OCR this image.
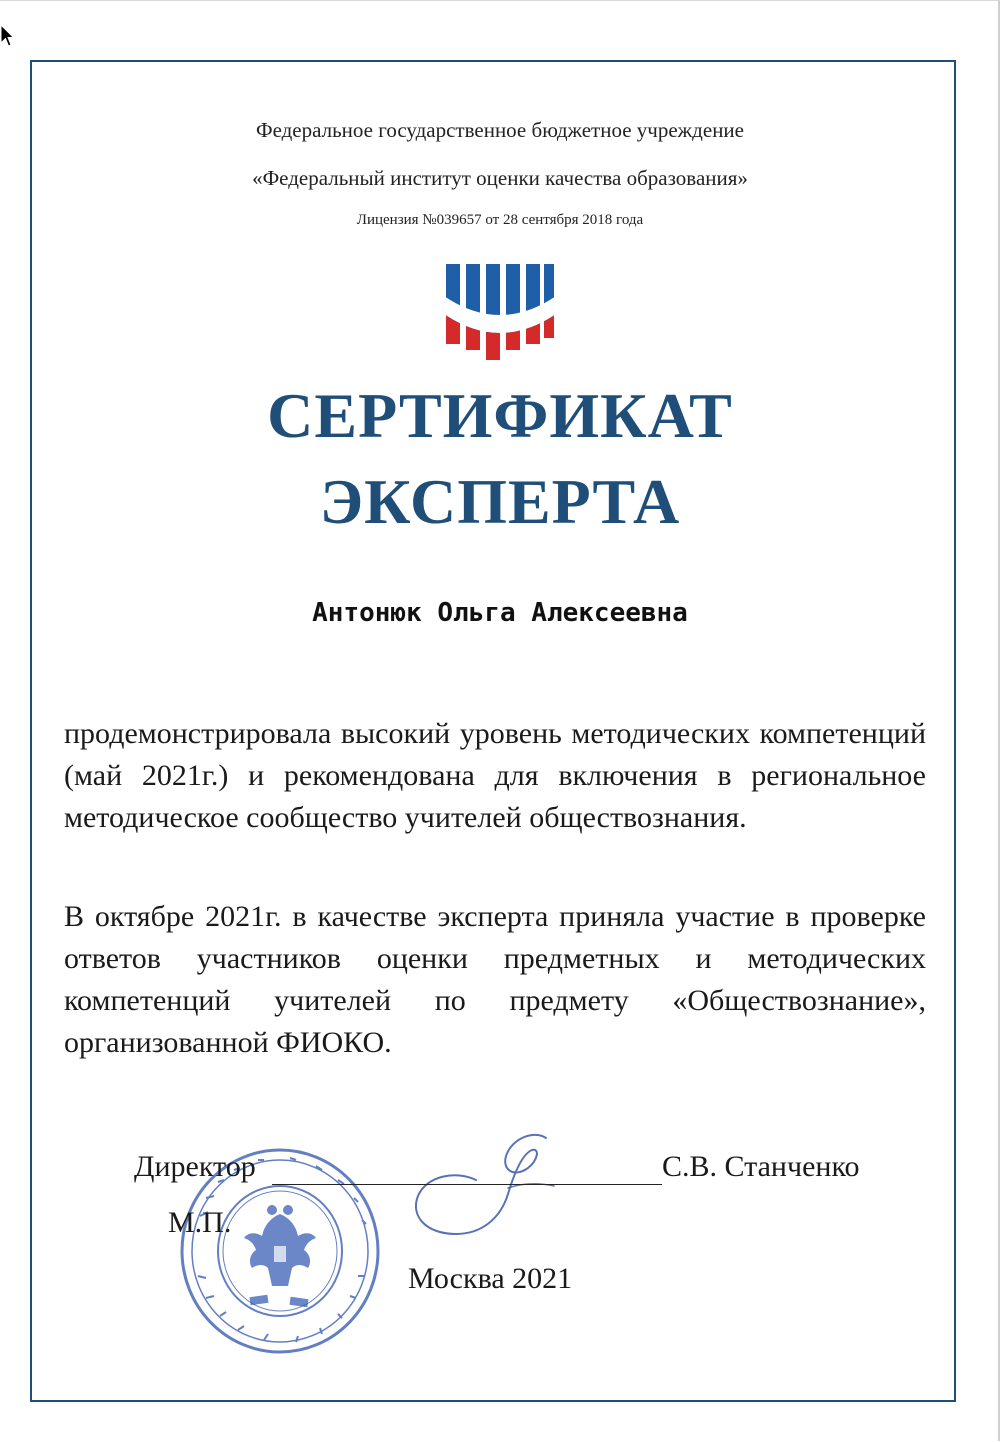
Федеральное государственное бюджетное учреждение
«Федеральный институт оценки качества образования»
Лицензия №039657 от 28 сентября 2018 года
СЕРТИФИКАТ
ЭКСПЕРТА
Антонюк Ольга Алексеевна

продемонстрировала высокий уровень методических компетенций (май 2021г.) и рекомендована для включения в региональное методическое сообщество учителей обществознания.

В октябре 2021г. в качестве эксперта приняла участие в проверке ответов участников оценки предметных и методических компетенций учителей по предмету «Обществознание», организованной ФИОКО.

Директор	С.В. Станченко
М.П.
Москва 2021
